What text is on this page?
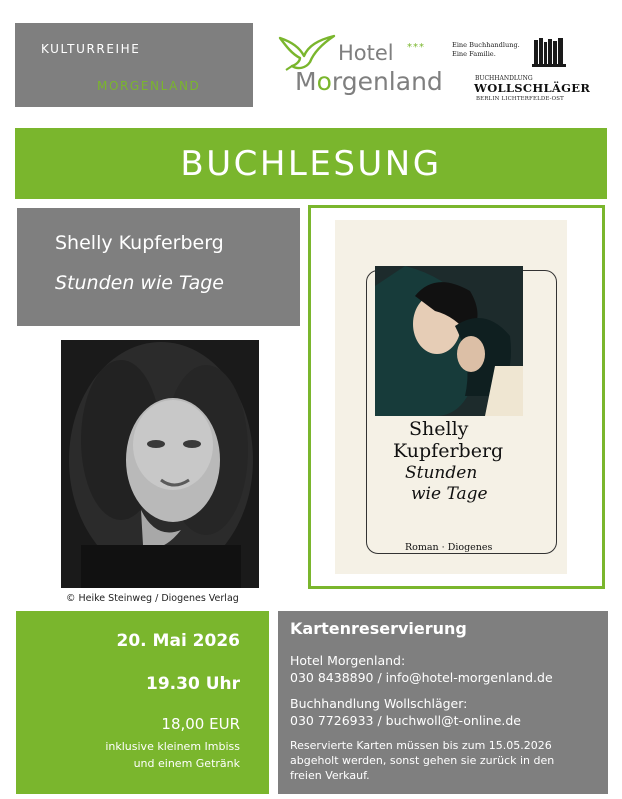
KULTURREIHE
MORGENLAND
Hotel ***
Morgenland
Eine Buchhandlung.
Eine Familie.
BUCHHANDLUNG
WOLLSCHLÄGER
BERLIN LICHTERFELDE-OST
BUCHLESUNG
Shelly Kupferberg
Stunden wie Tage
© Heike Steinweg / Diogenes Verlag
Shelly
Kupferberg
Stunden
wie Tage
Roman · Diogenes
20. Mai 2026
19.30 Uhr
18,00 EUR
inklusive kleinem Imbiss
und einem Getränk
Kartenreservierung
Hotel Morgenland:
030 8438890 / info@hotel-morgenland.de
Buchhandlung Wollschläger:
030 7726933 / buchwoll@t-online.de
Reservierte Karten müssen bis zum 15.05.2026
abgeholt werden, sonst gehen sie zurück in den
freien Verkauf.
